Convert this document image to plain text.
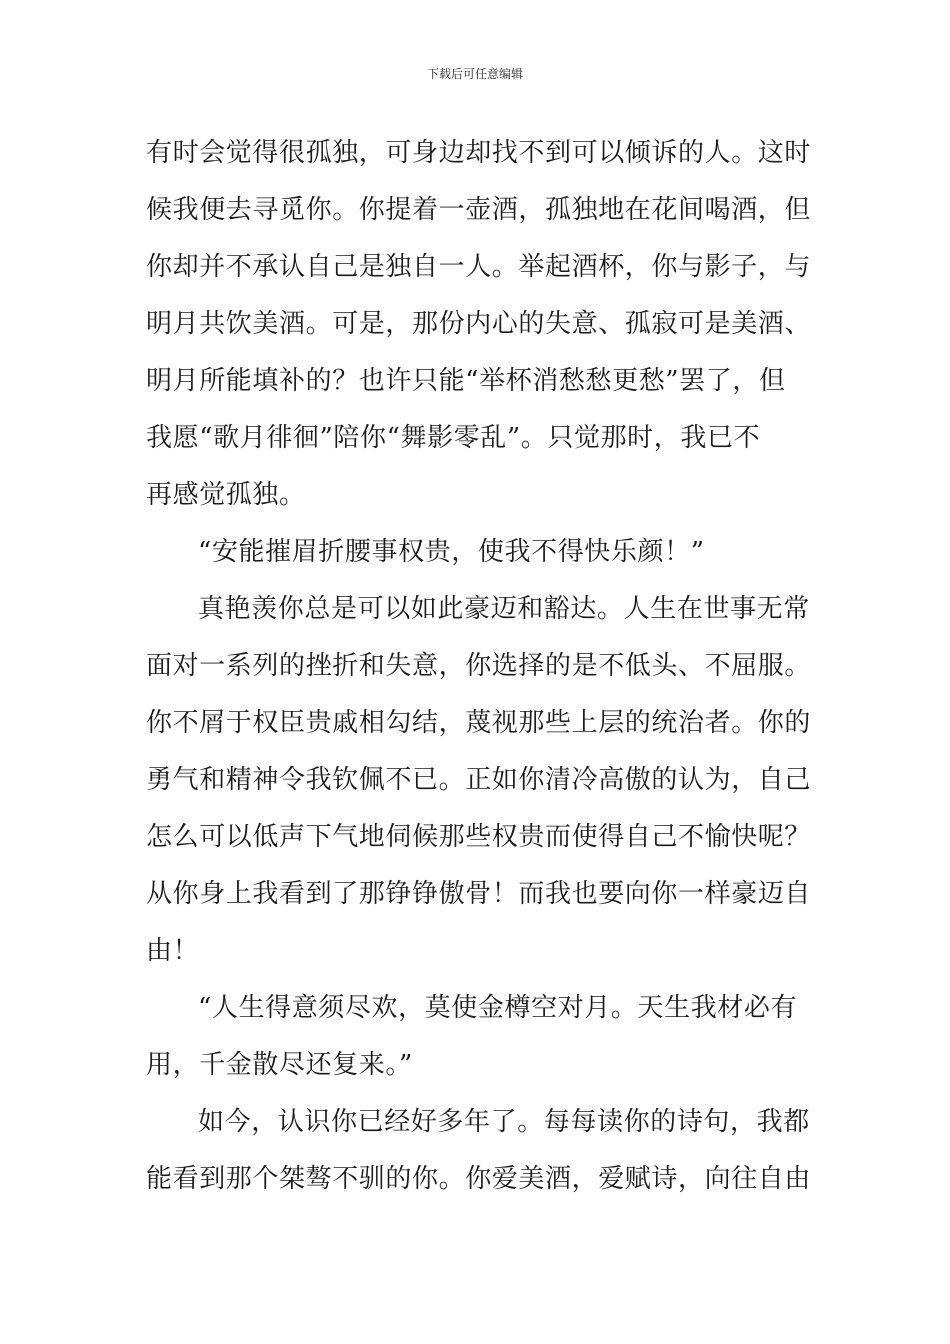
下载后可任意编辑
有时会觉得很孤独，可身边却找不到可以倾诉的人。这时
候我便去寻觅你。你提着一壶酒，孤独地在花间喝酒，但
你却并不承认自己是独自一人。举起酒杯，你与影子，与
明月共饮美酒。可是，那份内心的失意、孤寂可是美酒、
明月所能填补的？也许只能“举杯消愁愁更愁”罢了，但
我愿“歌月徘徊”陪你“舞影零乱”。只觉那时，我已不
再感觉孤独。
“安能摧眉折腰事权贵，使我不得快乐颜！”
真艳羡你总是可以如此豪迈和豁达。人生在世事无常
面对一系列的挫折和失意，你选择的是不低头、不屈服。
你不屑于权臣贵戚相勾结，蔑视那些上层的统治者。你的
勇气和精神令我钦佩不已。正如你清冷高傲的认为，自己
怎么可以低声下气地伺候那些权贵而使得自己不愉快呢？
从你身上我看到了那铮铮傲骨！而我也要向你一样豪迈自
由！
“人生得意须尽欢，莫使金樽空对月。天生我材必有
用，千金散尽还复来。”
如今，认识你已经好多年了。每每读你的诗句，我都
能看到那个桀骜不驯的你。你爱美酒，爱赋诗，向往自由
